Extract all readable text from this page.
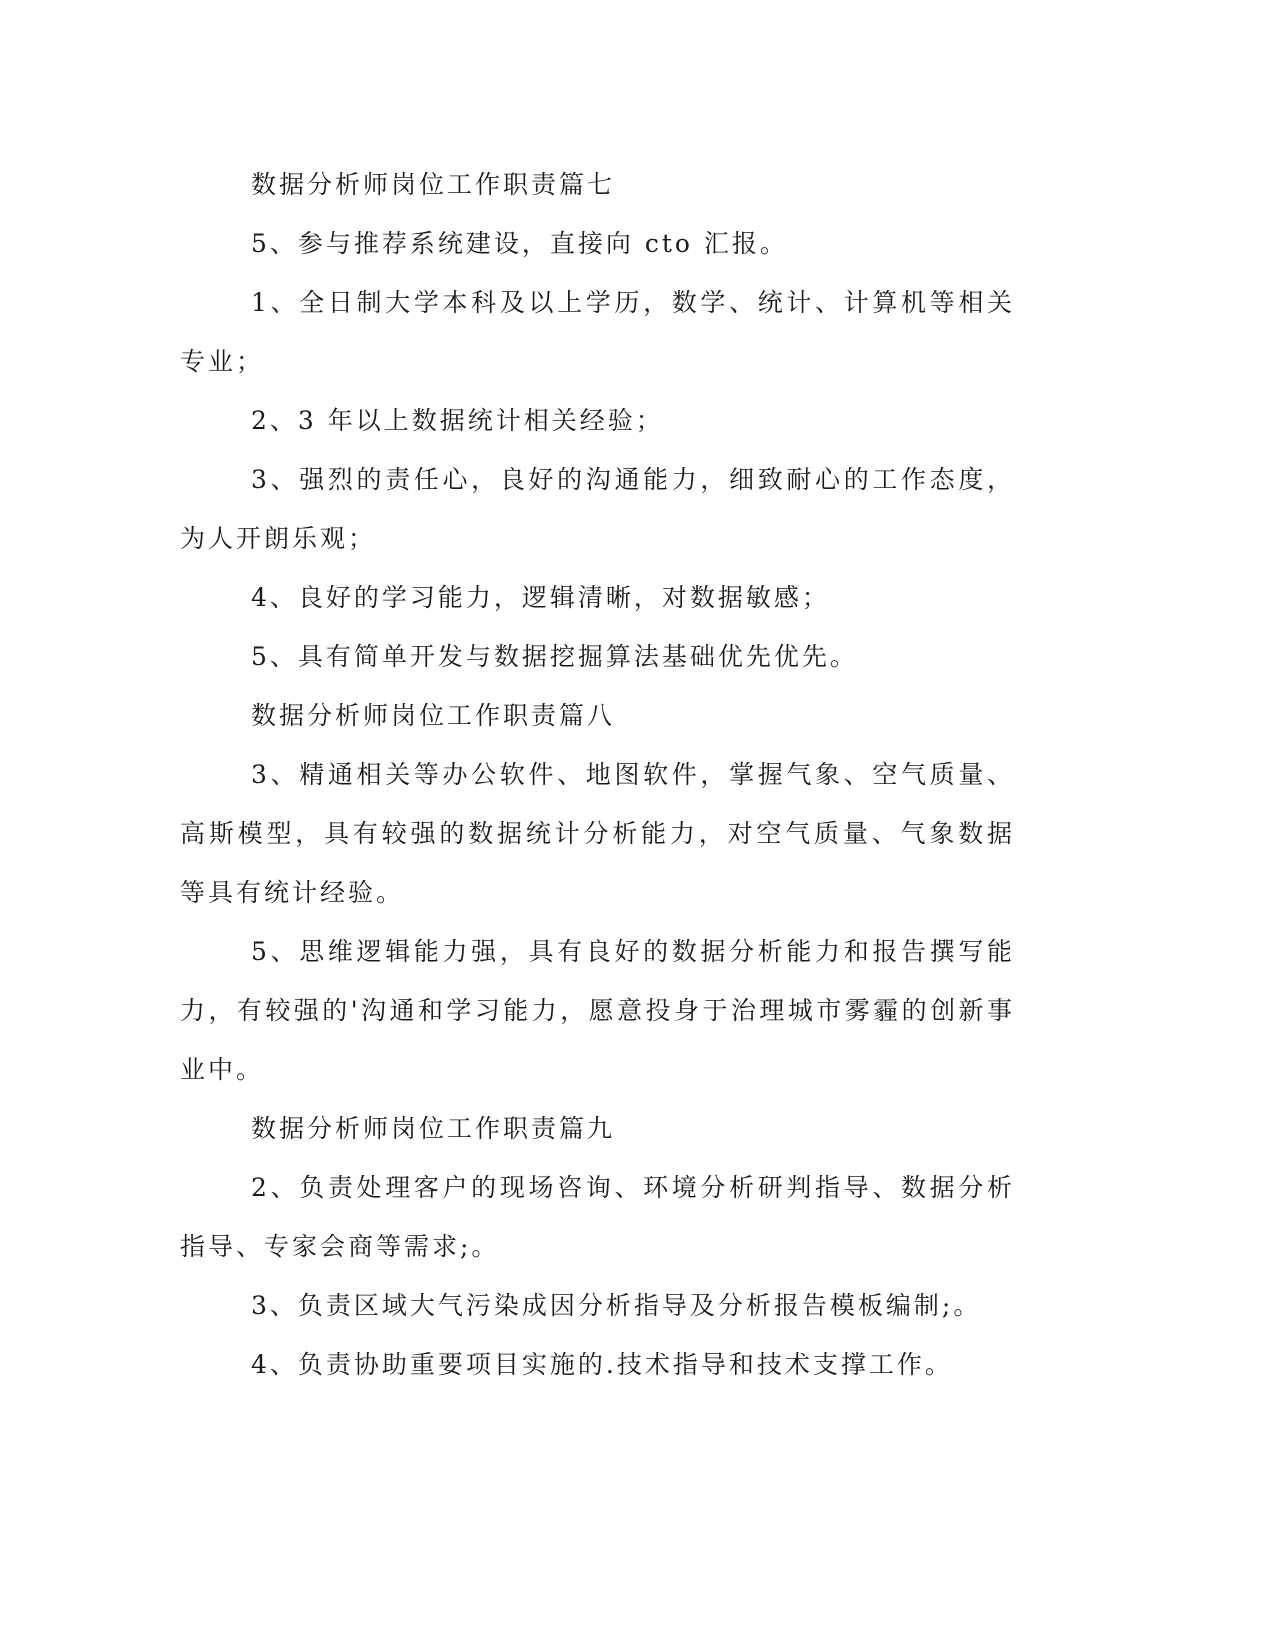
数据分析师岗位工作职责篇七

5、参与推荐系统建设，直接向 cto 汇报。

1、全日制大学本科及以上学历，数学、统计、计算机等相关专业；

2、3 年以上数据统计相关经验；

3、强烈的责任心，良好的沟通能力，细致耐心的工作态度，为人开朗乐观；

4、良好的学习能力，逻辑清晰，对数据敏感；

5、具有简单开发与数据挖掘算法基础优先优先。

数据分析师岗位工作职责篇八

3、精通相关等办公软件、地图软件，掌握气象、空气质量、高斯模型，具有较强的数据统计分析能力，对空气质量、气象数据等具有统计经验。

5、思维逻辑能力强，具有良好的数据分析能力和报告撰写能力，有较强的'沟通和学习能力，愿意投身于治理城市雾霾的创新事业中。

数据分析师岗位工作职责篇九

2、负责处理客户的现场咨询、环境分析研判指导、数据分析指导、专家会商等需求;。

3、负责区域大气污染成因分析指导及分析报告模板编制;。

4、负责协助重要项目实施的.技术指导和技术支撑工作。
